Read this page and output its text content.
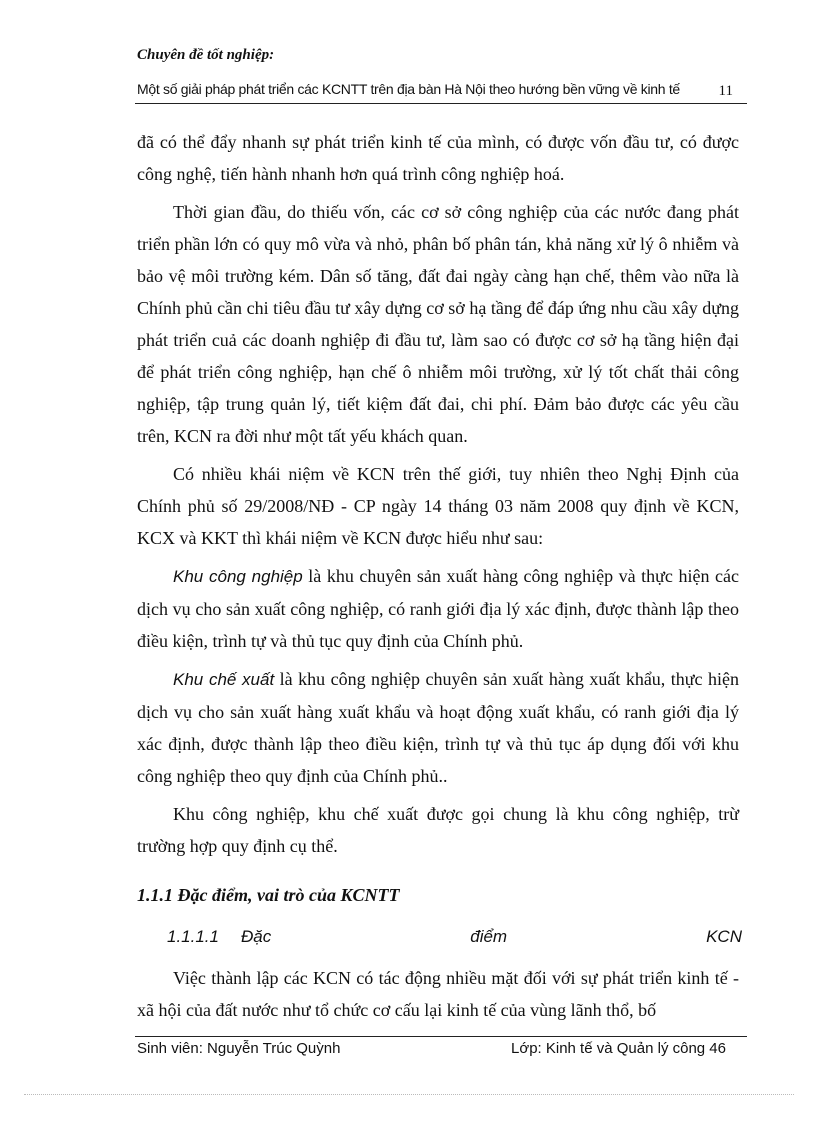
Chuyên đề tốt nghiệp:
Một số giải pháp phát triển các KCNTT trên địa bàn Hà Nội theo hướng bền vững về kinh tế	11

đã có thể đẩy nhanh sự phát triển kinh tế của mình, có được vốn đầu tư, có được công nghệ, tiến hành nhanh hơn quá trình công nghiệp hoá.

Thời gian đầu, do thiếu vốn, các cơ sở công nghiệp của các nước đang phát triển phần lớn có quy mô vừa và nhỏ, phân bố phân tán, khả năng xử lý ô nhiễm và bảo vệ môi trường kém. Dân số tăng, đất đai ngày càng hạn chế, thêm vào nữa là Chính phủ cần chi tiêu đầu tư xây dựng cơ sở hạ tầng để đáp ứng nhu cầu xây dựng phát triển cuả các doanh nghiệp đi đầu tư, làm sao có được cơ sở hạ tầng hiện đại để phát triển công nghiệp, hạn chế ô nhiễm môi trường, xử lý tốt chất thải công nghiệp, tập trung quản lý, tiết kiệm đất đai, chi phí. Đảm bảo được các yêu cầu trên, KCN ra đời như một tất yếu khách quan.

Có nhiều khái niệm về KCN trên thế giới, tuy nhiên theo Nghị Định của Chính phủ số 29/2008/NĐ - CP ngày 14 tháng 03 năm 2008 quy định về KCN, KCX và KKT thì khái niệm về KCN được hiểu như sau:

Khu công nghiệp là khu chuyên sản xuất hàng công nghiệp và thực hiện các dịch vụ cho sản xuất công nghiệp, có ranh giới địa lý xác định, được thành lập theo điều kiện, trình tự và thủ tục quy định của Chính phủ.

Khu chế xuất là khu công nghiệp chuyên sản xuất hàng xuất khẩu, thực hiện dịch vụ cho sản xuất hàng xuất khẩu và hoạt động xuất khẩu, có ranh giới địa lý xác định, được thành lập theo điều kiện, trình tự và thủ tục áp dụng đối với khu công nghiệp theo quy định của Chính phủ..

Khu công nghiệp, khu chế xuất được gọi chung là khu công nghiệp, trừ trường hợp quy định cụ thể.

1.1.1 Đặc điểm, vai trò của KCNTT
1.1.1.1	Đặc	điểm	KCN

Việc thành lập các KCN có tác động nhiều mặt đối với sự phát triển kinh tế - xã hội của đất nước như tổ chức cơ cấu lại kinh tế của vùng lãnh thổ, bố

Sinh viên: Nguyễn Trúc Quỳnh	Lớp: Kinh tế và Quản lý công 46
